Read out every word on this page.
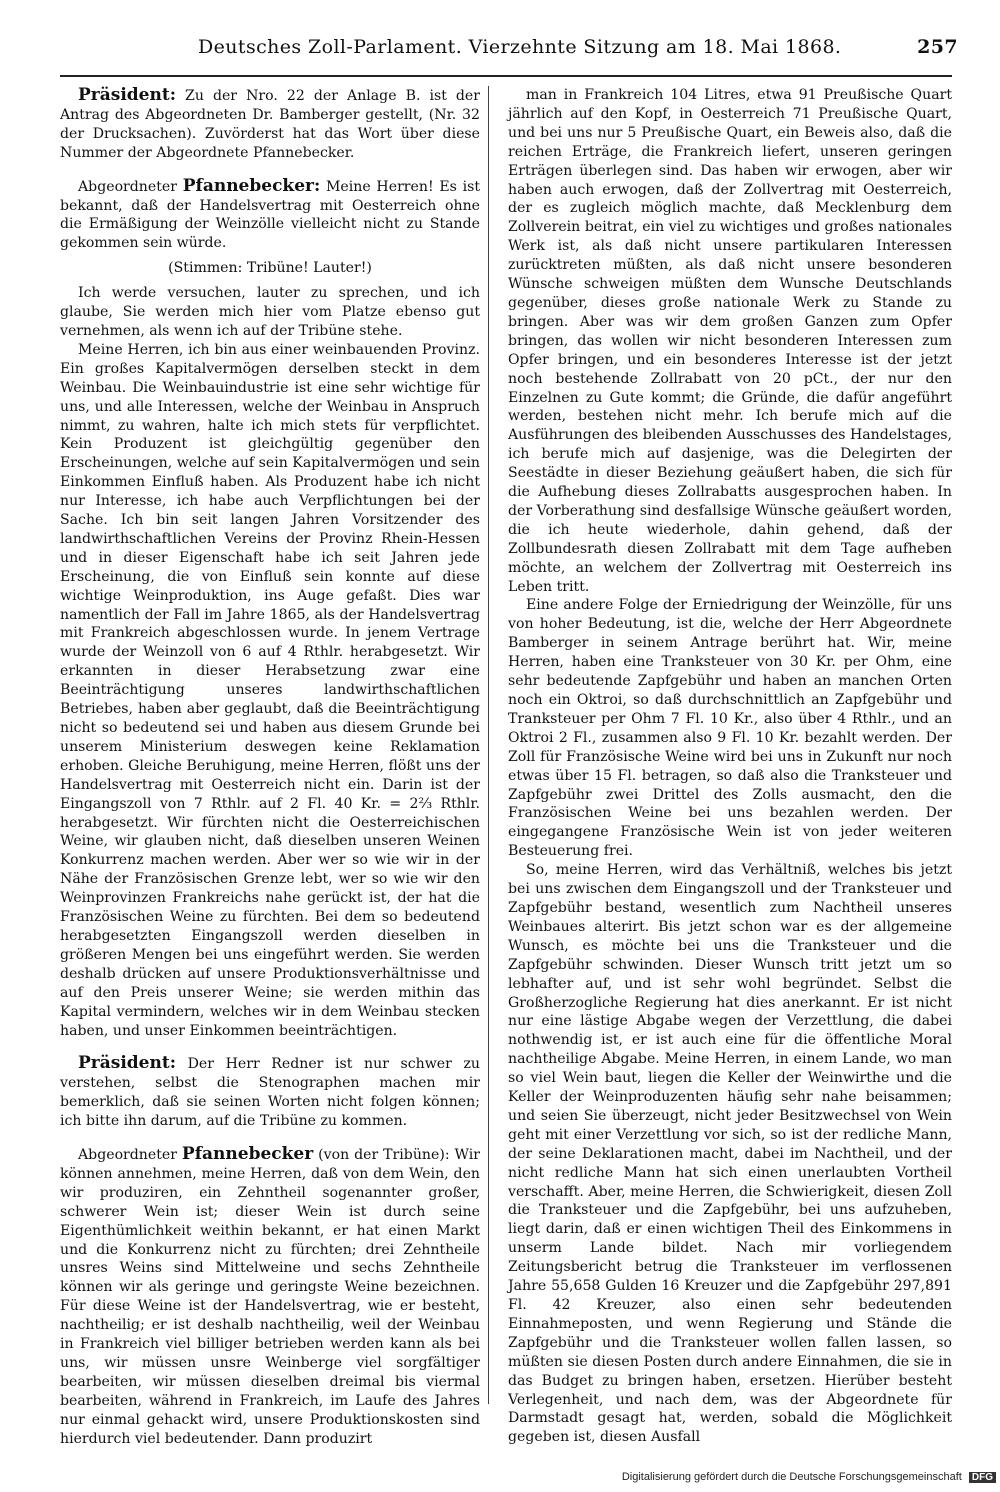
Deutsches Zoll-Parlament. Vierzehnte Sitzung am 18. Mai 1868.	257

Präsident: Zu der Nro. 22 der Anlage B. ist der Antrag des Abgeordneten Dr. Bamberger gestellt, (Nr. 32 der Drucksachen). Zuvörderst hat das Wort über diese Nummer der Abgeordnete Pfannebecker.

Abgeordneter Pfannebecker: Meine Herren! Es ist bekannt, daß der Handelsvertrag mit Oesterreich ohne die Ermäßigung der Weinzölle vielleicht nicht zu Stande gekommen sein würde.

(Stimmen: Tribüne! Lauter!)

Ich werde versuchen, lauter zu sprechen, und ich glaube, Sie werden mich hier vom Platze ebenso gut vernehmen, als wenn ich auf der Tribüne stehe.

Meine Herren, ich bin aus einer weinbauenden Provinz. Ein großes Kapitalvermögen derselben steckt in dem Weinbau. Die Weinbauindustrie ist eine sehr wichtige für uns, und alle Interessen, welche der Weinbau in Anspruch nimmt, zu wahren, halte ich mich stets für verpflichtet. Kein Produzent ist gleichgültig gegenüber den Erscheinungen, welche auf sein Kapitalvermögen und sein Einkommen Einfluß haben. Als Produzent habe ich nicht nur Interesse, ich habe auch Verpflichtungen bei der Sache. Ich bin seit langen Jahren Vorsitzender des landwirthschaftlichen Vereins der Provinz Rhein-Hessen und in dieser Eigenschaft habe ich seit Jahren jede Erscheinung, die von Einfluß sein konnte auf diese wichtige Weinproduktion, ins Auge gefaßt. Dies war namentlich der Fall im Jahre 1865, als der Handelsvertrag mit Frankreich abgeschlossen wurde. In jenem Vertrage wurde der Weinzoll von 6 auf 4 Rthlr. herabgesetzt. Wir erkannten in dieser Herabsetzung zwar eine Beeinträchtigung unseres landwirthschaftlichen Betriebes, haben aber geglaubt, daß die Beeinträchtigung nicht so bedeutend sei und haben aus diesem Grunde bei unserem Ministerium deswegen keine Reklamation erhoben. Gleiche Beruhigung, meine Herren, flößt uns der Handelsvertrag mit Oesterreich nicht ein. Darin ist der Eingangszoll von 7 Rthlr. auf 2 Fl. 40 Kr. = 2⅔ Rthlr. herabgesetzt. Wir fürchten nicht die Oesterreichischen Weine, wir glauben nicht, daß dieselben unseren Weinen Konkurrenz machen werden. Aber wer so wie wir in der Nähe der Französischen Grenze lebt, wer so wie wir den Weinprovinzen Frankreichs nahe gerückt ist, der hat die Französischen Weine zu fürchten. Bei dem so bedeutend herabgesetzten Eingangszoll werden dieselben in größeren Mengen bei uns eingeführt werden. Sie werden deshalb drücken auf unsere Produktionsverhältnisse und auf den Preis unserer Weine; sie werden mithin das Kapital vermindern, welches wir in dem Weinbau stecken haben, und unser Einkommen beeinträchtigen.

Präsident: Der Herr Redner ist nur schwer zu verstehen, selbst die Stenographen machen mir bemerklich, daß sie seinen Worten nicht folgen können; ich bitte ihn darum, auf die Tribüne zu kommen.

Abgeordneter Pfannebecker (von der Tribüne): Wir können annehmen, meine Herren, daß von dem Wein, den wir produziren, ein Zehntheil sogenannter großer, schwerer Wein ist; dieser Wein ist durch seine Eigenthümlichkeit weithin bekannt, er hat einen Markt und die Konkurrenz nicht zu fürchten; drei Zehntheile unsres Weins sind Mittelweine und sechs Zehntheile können wir als geringe und geringste Weine bezeichnen. Für diese Weine ist der Handelsvertrag, wie er besteht, nachtheilig; er ist deshalb nachtheilig, weil der Weinbau in Frankreich viel billiger betrieben werden kann als bei uns, wir müssen unsre Weinberge viel sorgfältiger bearbeiten, wir müssen dieselben dreimal bis viermal bearbeiten, während in Frankreich, im Laufe des Jahres nur einmal gehackt wird, unsere Produktionskosten sind hierdurch viel bedeutender. Dann produzirt

man in Frankreich 104 Litres, etwa 91 Preußische Quart jährlich auf den Kopf, in Oesterreich 71 Preußische Quart, und bei uns nur 5 Preußische Quart, ein Beweis also, daß die reichen Erträge, die Frankreich liefert, unseren geringen Erträgen überlegen sind. Das haben wir erwogen, aber wir haben auch erwogen, daß der Zollvertrag mit Oesterreich, der es zugleich möglich machte, daß Mecklenburg dem Zollverein beitrat, ein viel zu wichtiges und großes nationales Werk ist, als daß nicht unsere partikularen Interessen zurücktreten müßten, als daß nicht unsere besonderen Wünsche schweigen müßten dem Wunsche Deutschlands gegenüber, dieses große nationale Werk zu Stande zu bringen. Aber was wir dem großen Ganzen zum Opfer bringen, das wollen wir nicht besonderen Interessen zum Opfer bringen, und ein besonderes Interesse ist der jetzt noch bestehende Zollrabatt von 20 pCt., der nur den Einzelnen zu Gute kommt; die Gründe, die dafür angeführt werden, bestehen nicht mehr. Ich berufe mich auf die Ausführungen des bleibenden Ausschusses des Handelstages, ich berufe mich auf dasjenige, was die Delegirten der Seestädte in dieser Beziehung geäußert haben, die sich für die Aufhebung dieses Zollrabatts ausgesprochen haben. In der Vorberathung sind desfallsige Wünsche geäußert worden, die ich heute wiederhole, dahin gehend, daß der Zollbundesrath diesen Zollrabatt mit dem Tage aufheben möchte, an welchem der Zollvertrag mit Oesterreich ins Leben tritt.

Eine andere Folge der Erniedrigung der Weinzölle, für uns von hoher Bedeutung, ist die, welche der Herr Abgeordnete Bamberger in seinem Antrage berührt hat. Wir, meine Herren, haben eine Tranksteuer von 30 Kr. per Ohm, eine sehr bedeutende Zapfgebühr und haben an manchen Orten noch ein Oktroi, so daß durchschnittlich an Zapfgebühr und Tranksteuer per Ohm 7 Fl. 10 Kr., also über 4 Rthlr., und an Oktroi 2 Fl., zusammen also 9 Fl. 10 Kr. bezahlt werden. Der Zoll für Französische Weine wird bei uns in Zukunft nur noch etwas über 15 Fl. betragen, so daß also die Tranksteuer und Zapfgebühr zwei Drittel des Zolls ausmacht, den die Französischen Weine bei uns bezahlen werden. Der eingegangene Französische Wein ist von jeder weiteren Besteuerung frei.

So, meine Herren, wird das Verhältniß, welches bis jetzt bei uns zwischen dem Eingangszoll und der Tranksteuer und Zapfgebühr bestand, wesentlich zum Nachtheil unseres Weinbaues alterirt. Bis jetzt schon war es der allgemeine Wunsch, es möchte bei uns die Tranksteuer und die Zapfgebühr schwinden. Dieser Wunsch tritt jetzt um so lebhafter auf, und ist sehr wohl begründet. Selbst die Großherzogliche Regierung hat dies anerkannt. Er ist nicht nur eine lästige Abgabe wegen der Verzettlung, die dabei nothwendig ist, er ist auch eine für die öffentliche Moral nachtheilige Abgabe. Meine Herren, in einem Lande, wo man so viel Wein baut, liegen die Keller der Weinwirthe und die Keller der Weinproduzenten häufig sehr nahe beisammen; und seien Sie überzeugt, nicht jeder Besitzwechsel von Wein geht mit einer Verzettlung vor sich, so ist der redliche Mann, der seine Deklarationen macht, dabei im Nachtheil, und der nicht redliche Mann hat sich einen unerlaubten Vortheil verschafft. Aber, meine Herren, die Schwierigkeit, diesen Zoll die Tranksteuer und die Zapfgebühr, bei uns aufzuheben, liegt darin, daß er einen wichtigen Theil des Einkommens in unserm Lande bildet. Nach mir vorliegendem Zeitungsbericht betrug die Tranksteuer im verflossenen Jahre 55,658 Gulden 16 Kreuzer und die Zapfgebühr 297,891 Fl. 42 Kreuzer, also einen sehr bedeutenden Einnahmeposten, und wenn Regierung und Stände die Zapfgebühr und die Tranksteuer wollen fallen lassen, so müßten sie diesen Posten durch andere Einnahmen, die sie in das Budget zu bringen haben, ersetzen. Hierüber besteht Verlegenheit, und nach dem, was der Abgeordnete für Darmstadt gesagt hat, werden, sobald die Möglichkeit gegeben ist, diesen Ausfall

Digitalisierung gefördert durch die Deutsche Forschungsgemeinschaft DFG
